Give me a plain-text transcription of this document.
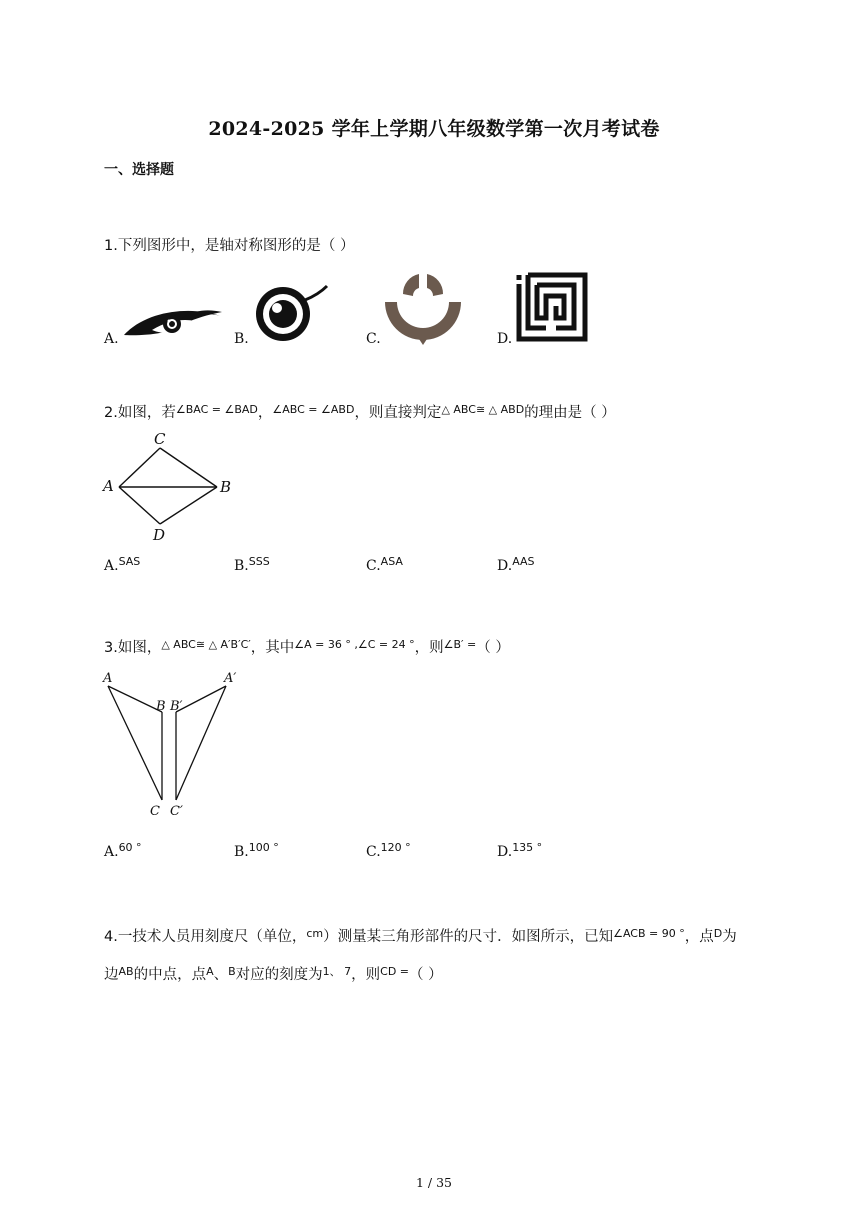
2024-2025 学年上学期八年级数学第一次月考试卷
一、选择题
1.下列图形中，是轴对称图形的是（ ）
A.	B.	C.	D.
2.如图，若$^{\angle BAC = \angle BAD}$，$^{\angle ABC = \angle ABD}$，则直接判定$^{\triangle ABC≅ \triangle ABD}$的理由是（ ）
C
A	B
D
A.$^{SAS}$	B.$^{SSS}$	C.$^{ASA}$	D.$^{AAS}$
3.如图，$^{\triangle ABC≅ \triangle A'B'C'}$，其中$^{\angle A = 36 ^\circ ,\angle C = 24 ^\circ}$，则$^{\angle B' =}$（ ）
A
B
C
A′
B′
C′
A.$^{60 ^\circ}$	B.$^{100 ^\circ}$	C.$^{120 ^\circ}$	D.$^{135 ^\circ}$
4.一技术人员用刻度尺（单位，$^{cm}$）测量某三角形部件的尺寸．如图所示，已知$^{\angle ACB = 90 ^\circ}$，点$^D$为
边$^{AB}$的中点，点$^A$、$^B$对应的刻度为$^{1、 7}$，则$^{CD =}$（ ）
1 / 35
